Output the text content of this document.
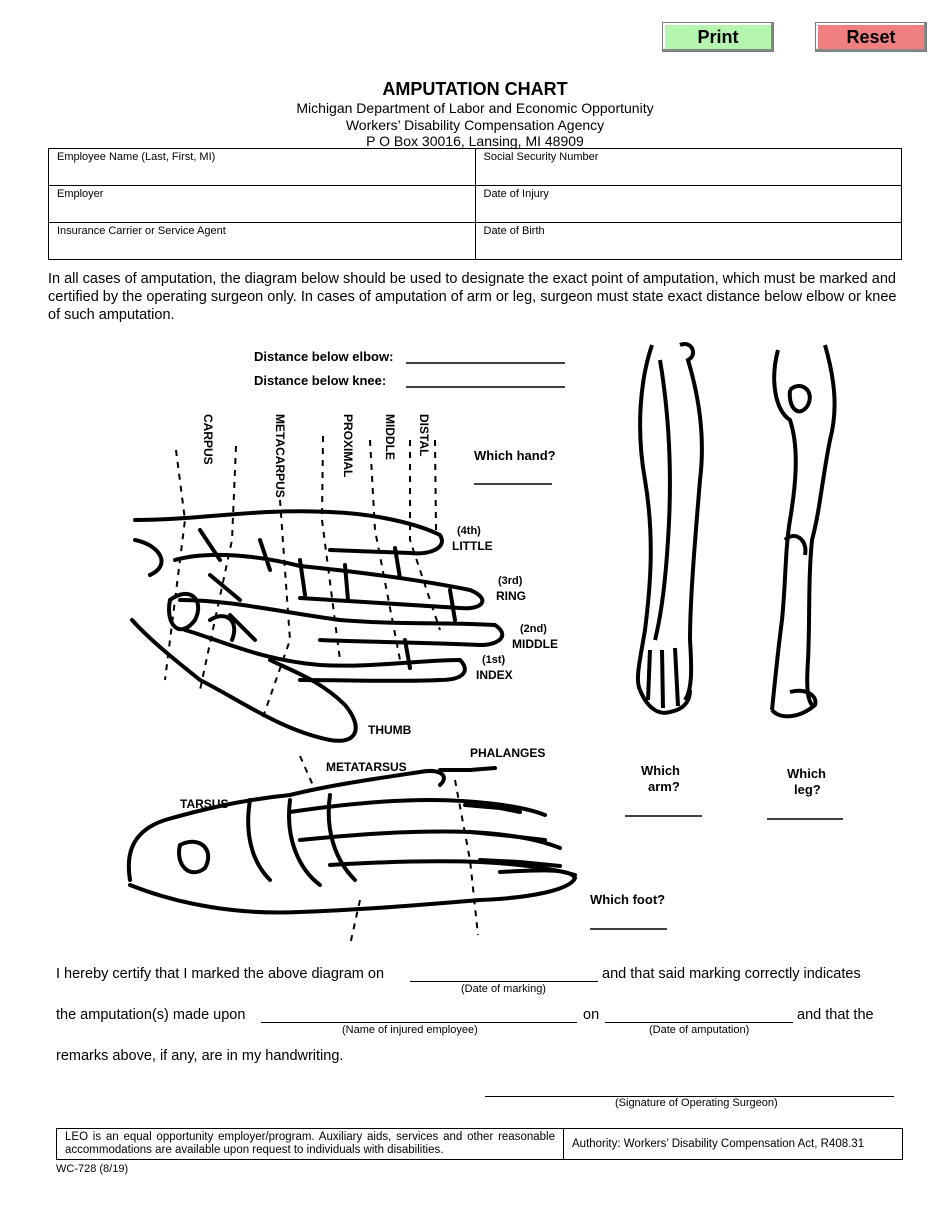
Print	Reset
AMPUTATION CHART
Michigan Department of Labor and Economic Opportunity
Workers’ Disability Compensation Agency
P O Box 30016, Lansing, MI 48909
Employee Name (Last, First, MI)	Social Security Number
Employer	Date of Injury
Insurance Carrier or Service Agent	Date of Birth
In all cases of amputation, the diagram below should be used to designate the exact point of amputation, which must be marked and certified by the operating surgeon only. In cases of amputation of arm or leg, surgeon must state exact distance below elbow or knee of such amputation.
Distance below elbow:
Distance below knee:
CARPUS	METACARPUS	PROXIMAL MIDDLE DISTAL	Which hand?
(4th)
LITTLE
(3rd)
RING
(2nd)
MIDDLE
(1st)
INDEX
THUMB
PHALANGES
METATARSUS
TARSUS
Which
arm?
Which
leg?
Which foot?
I hereby certify that I marked the above diagram on	and that said marking correctly indicates
(Date of marking)
the amputation(s) made upon	on	and that the
(Name of injured employee)	(Date of amputation)
remarks above, if any, are in my handwriting.
(Signature of Operating Surgeon)
LEO is an equal opportunity employer/program. Auxiliary aids, services and other reasonable accommodations are available upon request to individuals with disabilities.	Authority: Workers’ Disability Compensation Act, R408.31
WC-728 (8/19)
